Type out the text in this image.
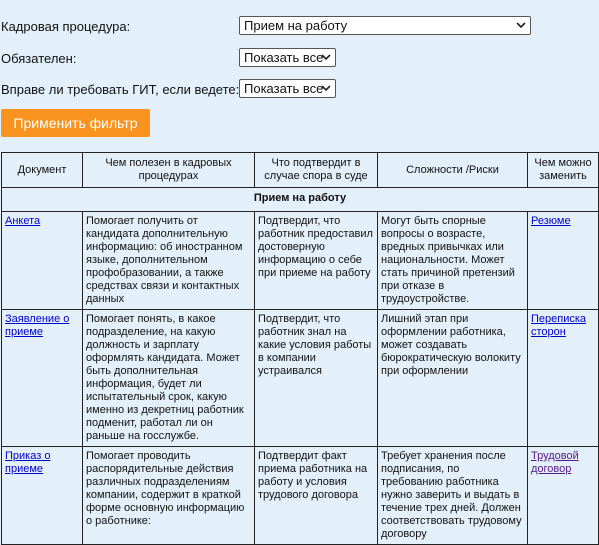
Кадровая процедура:	Прием на работу
Обязателен:	Показать все
Вправе ли требовать ГИТ, если ведете: Показать все
Применить фильтр
Документ	Чем полезен в кадровых процедурах	Что подтвердит в случае спора в суде	Сложности /Риски	Чем можно заменить
Прием на работу				
Анкета	Помогает получить от кандидата дополнительную информацию: об иностранном языке, дополнительном профобразовании, а также средствах связи и контактных данных	Подтвердит, что работник предоставил достоверную информацию о себе при приеме на работу	Могут быть спорные вопросы о возрасте, вредных привычках или национальности. Может стать причиной претензий при отказе в трудоустройстве.	Резюме
Заявление о приеме	Помогает понять, в какое подразделение, на какую должность и зарплату оформлять кандидата. Может быть дополнительная информация, будет ли испытательный срок, какую именно из декретниц работник подменит, работал ли он раньше на госслужбе.	Подтвердит, что работник знал на какие условия работы в компании устраивался	Лишний этап при оформлении работника, может создавать бюрократическую волокиту при оформлении	Переписка сторон
Приказ о приеме	Помогает проводить распорядительные действия различных подразделениям компании, содержит в краткой форме основную информацию о работнике:	Подтвердит факт приема работника на работу и условия трудового договора	Требует хранения после подписания, по требованию работника нужно заверить и выдать в течение трех дней. Должен соответствовать трудовому договору	Трудовой договор
